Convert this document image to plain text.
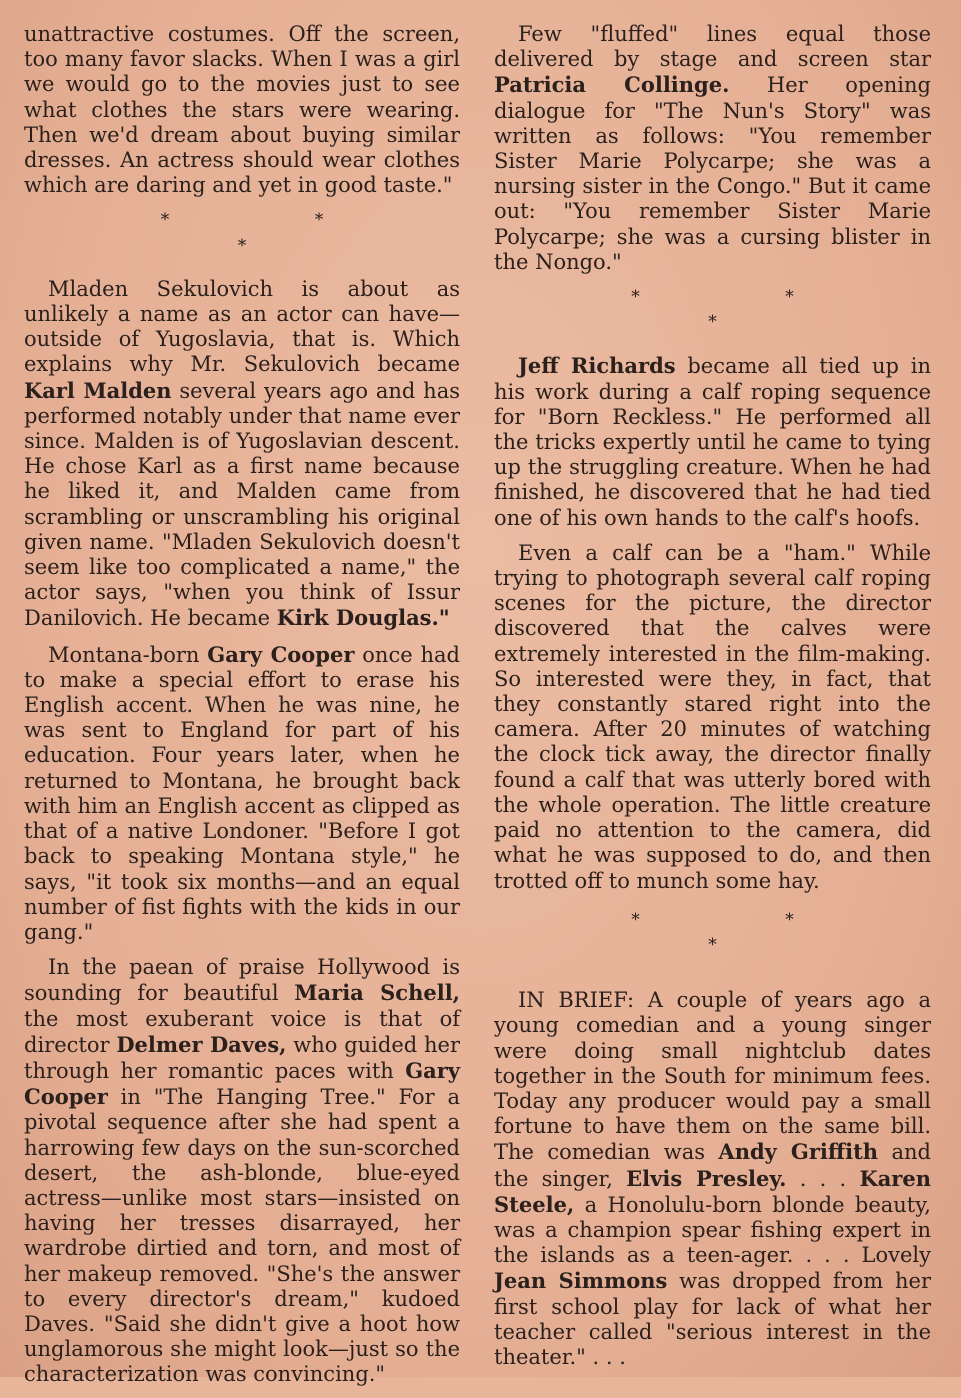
unattractive costumes. Off the screen, too many favor slacks. When I was a girl we would go to the movies just to see what clothes the stars were wearing. Then we'd dream about buying similar dresses. An actress should wear clothes which are daring and yet in good taste."

* * *

Mladen Sekulovich is about as unlikely a name as an actor can have—outside of Yugoslavia, that is. Which explains why Mr. Sekulovich became Karl Malden several years ago and has performed notably under that name ever since. Malden is of Yugoslavian descent. He chose Karl as a first name because he liked it, and Malden came from scrambling or unscrambling his original given name. "Mladen Sekulovich doesn't seem like too complicated a name," the actor says, "when you think of Issur Danilovich. He became Kirk Douglas."

Montana-born Gary Cooper once had to make a special effort to erase his English accent. When he was nine, he was sent to England for part of his education. Four years later, when he returned to Montana, he brought back with him an English accent as clipped as that of a native Londoner. "Before I got back to speaking Montana style," he says, "it took six months—and an equal number of fist fights with the kids in our gang."

In the paean of praise Hollywood is sounding for beautiful Maria Schell, the most exuberant voice is that of director Delmer Daves, who guided her through her romantic paces with Gary Cooper in "The Hanging Tree." For a pivotal sequence after she had spent a harrowing few days on the sun-scorched desert, the ash-blonde, blue-eyed actress—unlike most stars—insisted on having her tresses disarrayed, her wardrobe dirtied and torn, and most of her makeup removed. "She's the answer to every director's dream," kudoed Daves. "Said she didn't give a hoot how unglamorous she might look—just so the characterization was convincing."

Few "fluffed" lines equal those delivered by stage and screen star Patricia Collinge. Her opening dialogue for "The Nun's Story" was written as follows: "You remember Sister Marie Polycarpe; she was a nursing sister in the Congo." But it came out: "You remember Sister Marie Polycarpe; she was a cursing blister in the Nongo."

* * *

Jeff Richards became all tied up in his work during a calf roping sequence for "Born Reckless." He performed all the tricks expertly until he came to tying up the struggling creature. When he had finished, he discovered that he had tied one of his own hands to the calf's hoofs.

Even a calf can be a "ham." While trying to photograph several calf roping scenes for the picture, the director discovered that the calves were extremely interested in the film-making. So interested were they, in fact, that they constantly stared right into the camera. After 20 minutes of watching the clock tick away, the director finally found a calf that was utterly bored with the whole operation. The little creature paid no attention to the camera, did what he was supposed to do, and then trotted off to munch some hay.

* * *

IN BRIEF: A couple of years ago a young comedian and a young singer were doing small nightclub dates together in the South for minimum fees. Today any producer would pay a small fortune to have them on the same bill. The comedian was Andy Griffith and the singer, Elvis Presley. . . . Karen Steele, a Honolulu-born blonde beauty, was a champion spear fishing expert in the islands as a teen-ager. . . . Lovely Jean Simmons was dropped from her first school play for lack of what her teacher called "serious interest in the theater." . . .
